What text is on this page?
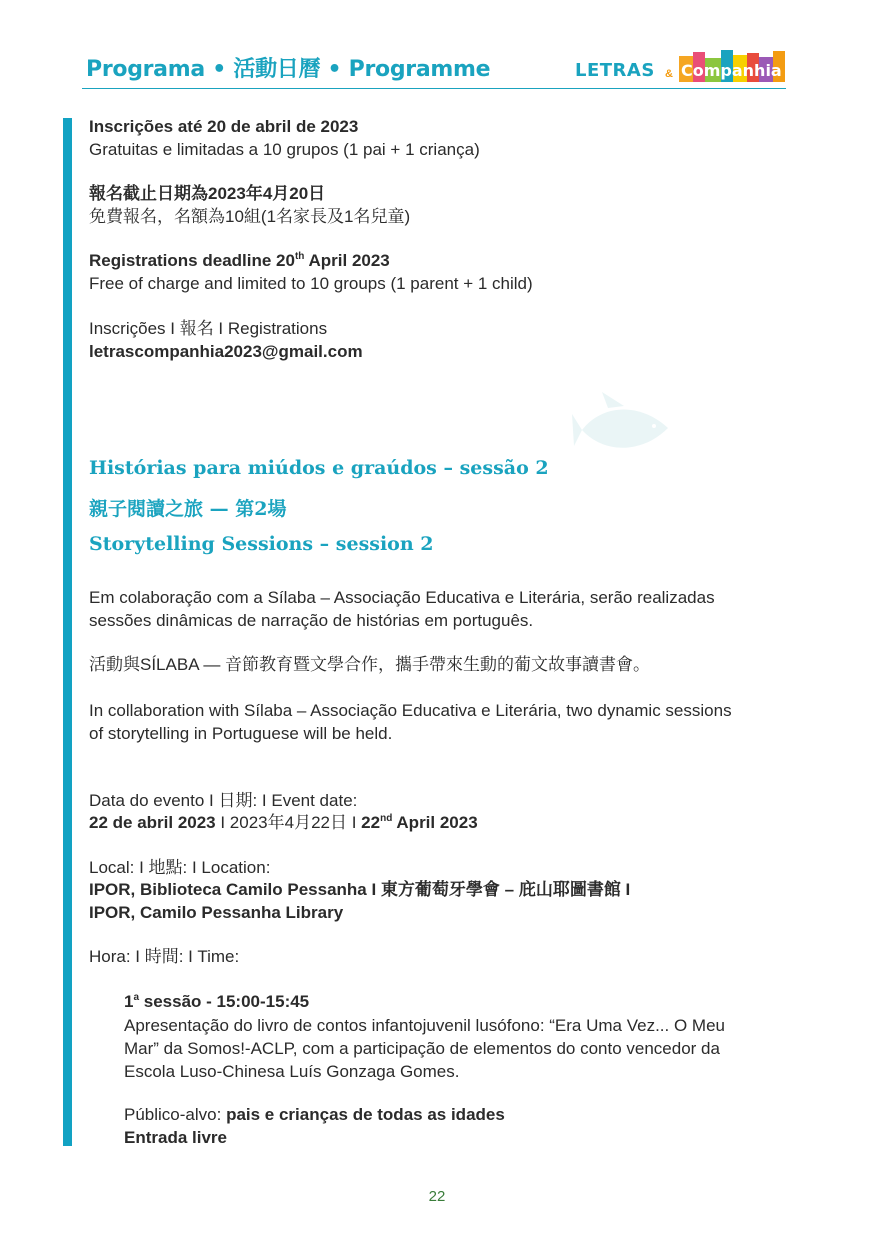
Programa • 活動日曆 • Programme	LETRAS & Companhia
Inscrições até 20 de abril de 2023
Gratuitas e limitadas a 10 grupos (1 pai + 1 criança)
報名截止日期為2023年4月20日
免費報名，名額為10組(1名家長及1名兒童)
Registrations deadline 20th April 2023
Free of charge and limited to 10 groups (1 parent + 1 child)
Inscrições I 報名 I Registrations
letrascompanhia2023@gmail.com
Histórias para miúdos e graúdos – sessão 2
親子閱讀之旅 — 第2場
Storytelling Sessions – session 2
Em colaboração com a Sílaba – Associação Educativa e Literária, serão realizadas
sessões dinâmicas de narração de histórias em português.
活動與SÍLABA — 音節教育暨文學合作，攜手帶來生動的葡文故事讀書會。
In collaboration with Sílaba – Associação Educativa e Literária, two dynamic sessions
of storytelling in Portuguese will be held.
Data do evento I 日期: I Event date:
22 de abril 2023 I 2023年4月22日 I 22nd April 2023
Local: I 地點: I Location:
IPOR, Biblioteca Camilo Pessanha I 東方葡萄牙學會 – 庇山耶圖書館 I
IPOR, Camilo Pessanha Library
Hora: I 時間: I Time:
1$^a$ sessão - 15:00-15:45
Apresentação do livro de contos infantojuvenil lusófono: “Era Uma Vez... O Meu
Mar” da Somos!-ACLP, com a participação de elementos do conto vencedor da
Escola Luso-Chinesa Luís Gonzaga Gomes.
Público-alvo: pais e crianças de todas as idades
Entrada livre
22
